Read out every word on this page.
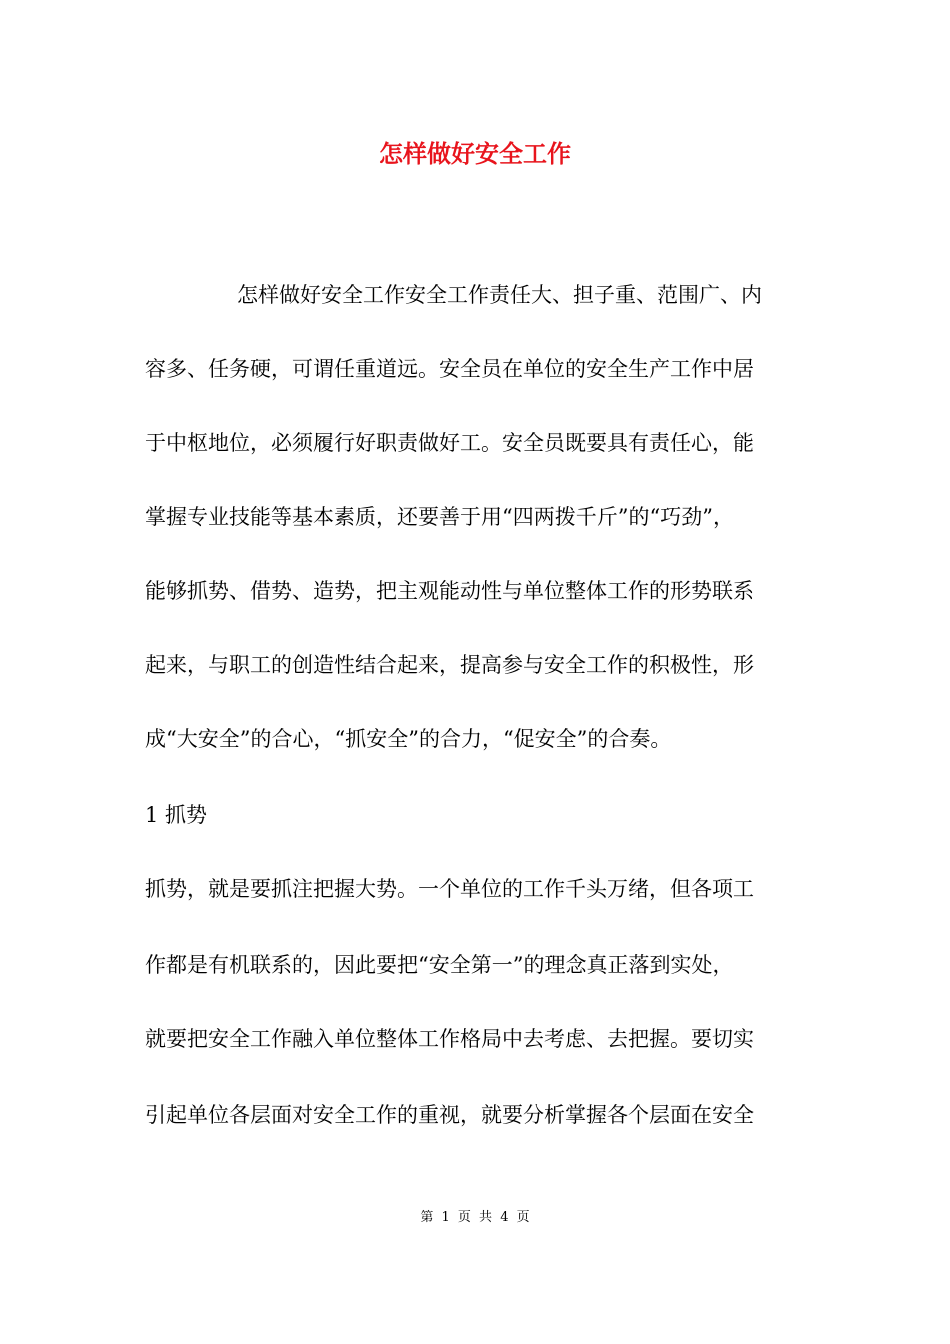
怎样做好安全工作
怎样做好安全工作安全工作责任大、担子重、范围广、内
容多、任务硬，可谓任重道远。安全员在单位的安全生产工作中居
于中枢地位，必须履行好职责做好工。安全员既要具有责任心，能
掌握专业技能等基本素质，还要善于用“四两拨千斤”的“巧劲”，
能够抓势、借势、造势，把主观能动性与单位整体工作的形势联系
起来，与职工的创造性结合起来，提高参与安全工作的积极性，形
成“大安全”的合心，“抓安全”的合力，“促安全”的合奏。
1 抓势
抓势，就是要抓注把握大势。一个单位的工作千头万绪，但各项工
作都是有机联系的，因此要把“安全第一”的理念真正落到实处，
就要把安全工作融入单位整体工作格局中去考虑、去把握。要切实
引起单位各层面对安全工作的重视，就要分析掌握各个层面在安全
第 1 页 共 4 页
